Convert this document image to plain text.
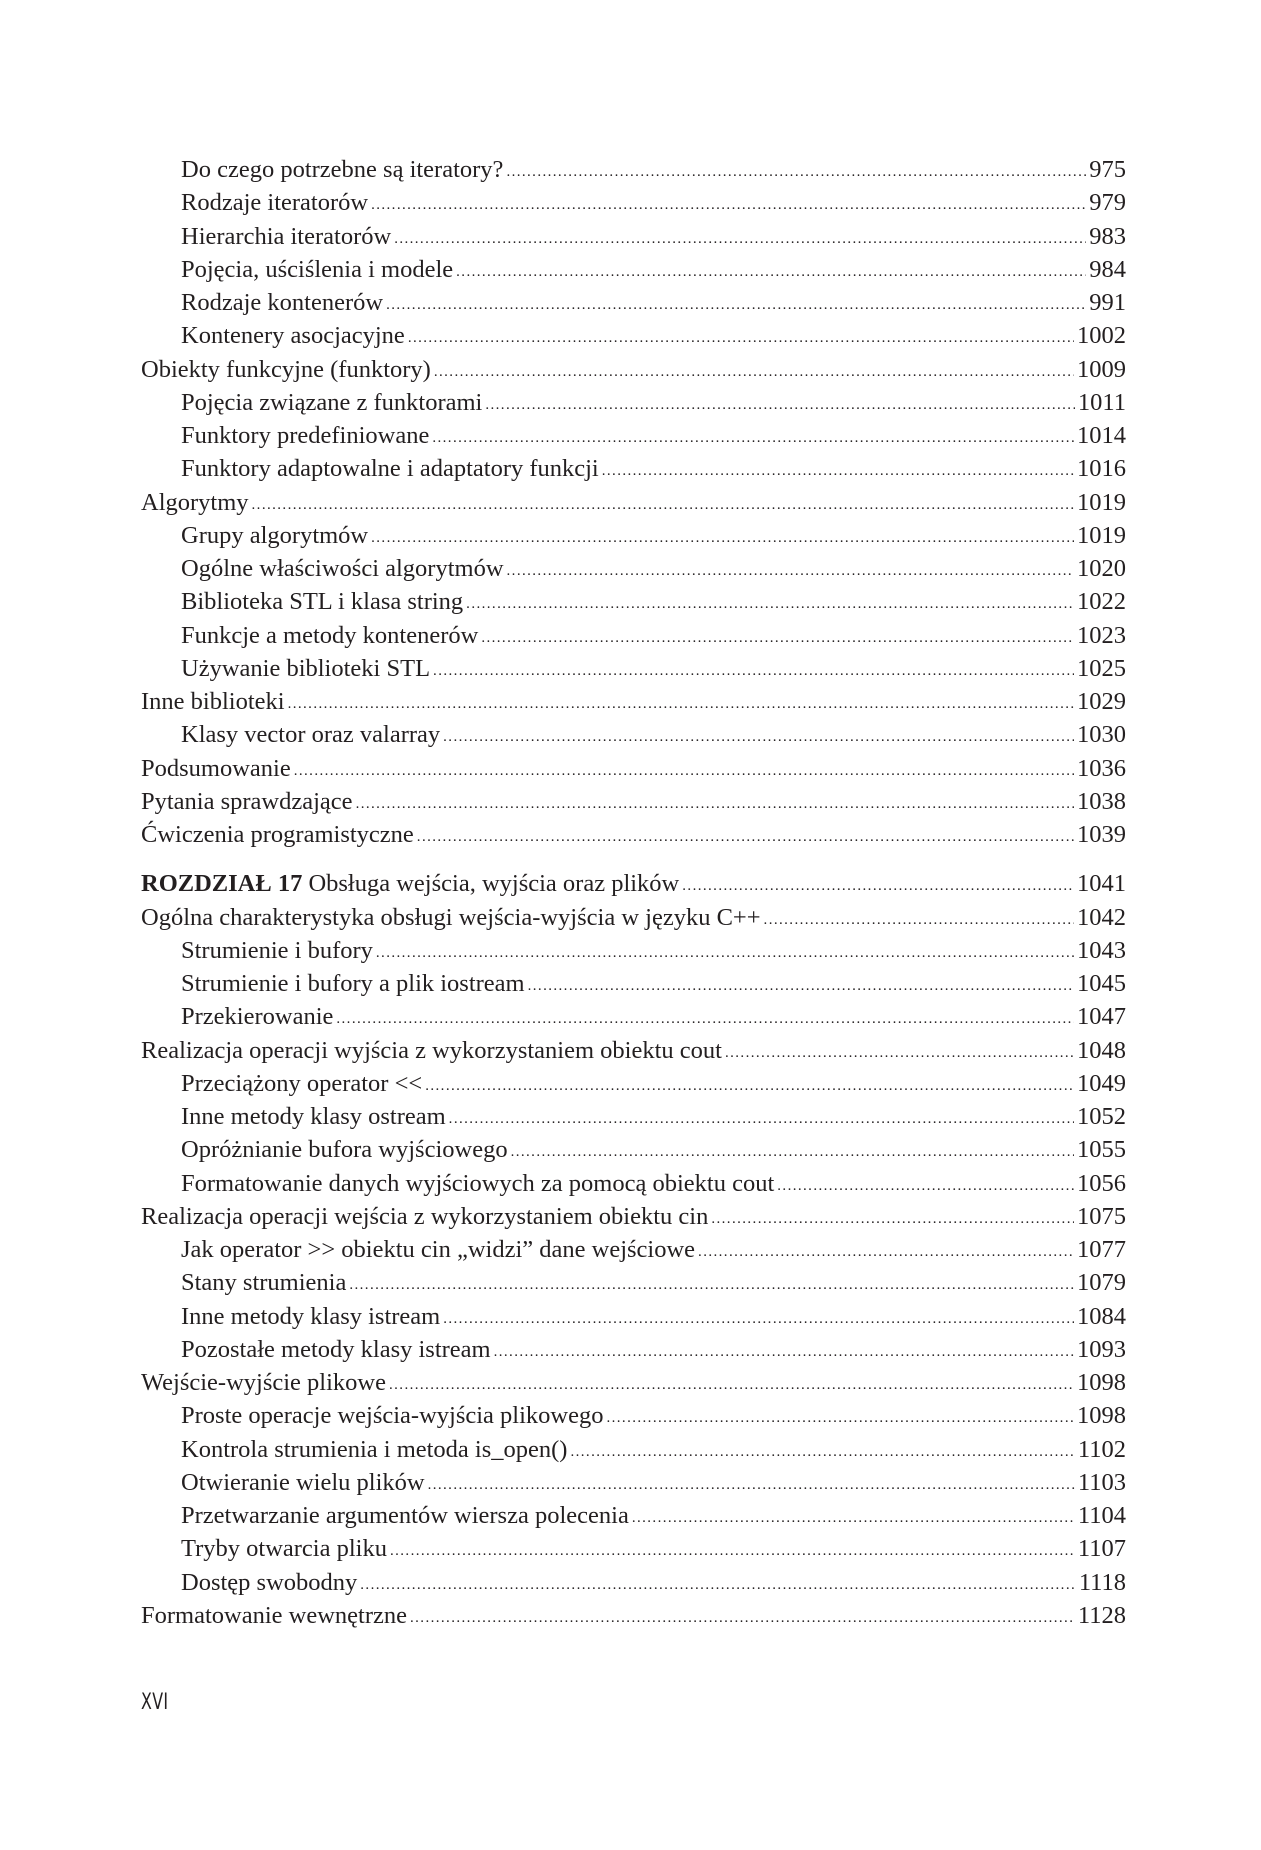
Do czego potrzebne są iteratory? .....	975
Rodzaje iteratorów .....	979
Hierarchia iteratorów .....	983
Pojęcia, uściślenia i modele .....	984
Rodzaje kontenerów .....	991
Kontenery asocjacyjne .....	1002
Obiekty funkcyjne (funktory) .....	1009
Pojęcia związane z funktorami .....	1011
Funktory predefiniowane .....	1014
Funktory adaptowalne i adaptatory funkcji .....	1016
Algorytmy .....	1019
Grupy algorytmów .....	1019
Ogólne właściwości algorytmów .....	1020
Biblioteka STL i klasa string .....	1022
Funkcje a metody kontenerów .....	1023
Używanie biblioteki STL .....	1025
Inne biblioteki .....	1029
Klasy vector oraz valarray .....	1030
Podsumowanie .....	1036
Pytania sprawdzające .....	1038
Ćwiczenia programistyczne .....	1039
ROZDZIAŁ 17 Obsługa wejścia, wyjścia oraz plików .....	1041
Ogólna charakterystyka obsługi wejścia-wyjścia w języku C++ .....	1042
Strumienie i bufory .....	1043
Strumienie i bufory a plik iostream .....	1045
Przekierowanie .....	1047
Realizacja operacji wyjścia z wykorzystaniem obiektu cout .....	1048
Przeciążony operator << .....	1049
Inne metody klasy ostream .....	1052
Opróżnianie bufora wyjściowego .....	1055
Formatowanie danych wyjściowych za pomocą obiektu cout .....	1056
Realizacja operacji wejścia z wykorzystaniem obiektu cin .....	1075
Jak operator >> obiektu cin „widzi” dane wejściowe .....	1077
Stany strumienia .....	1079
Inne metody klasy istream .....	1084
Pozostałe metody klasy istream .....	1093
Wejście-wyjście plikowe .....	1098
Proste operacje wejścia-wyjścia plikowego .....	1098
Kontrola strumienia i metoda is_open() .....	1102
Otwieranie wielu plików .....	1103
Przetwarzanie argumentów wiersza polecenia .....	1104
Tryby otwarcia pliku .....	1107
Dostęp swobodny .....	1118
Formatowanie wewnętrzne .....	1128
XVI
